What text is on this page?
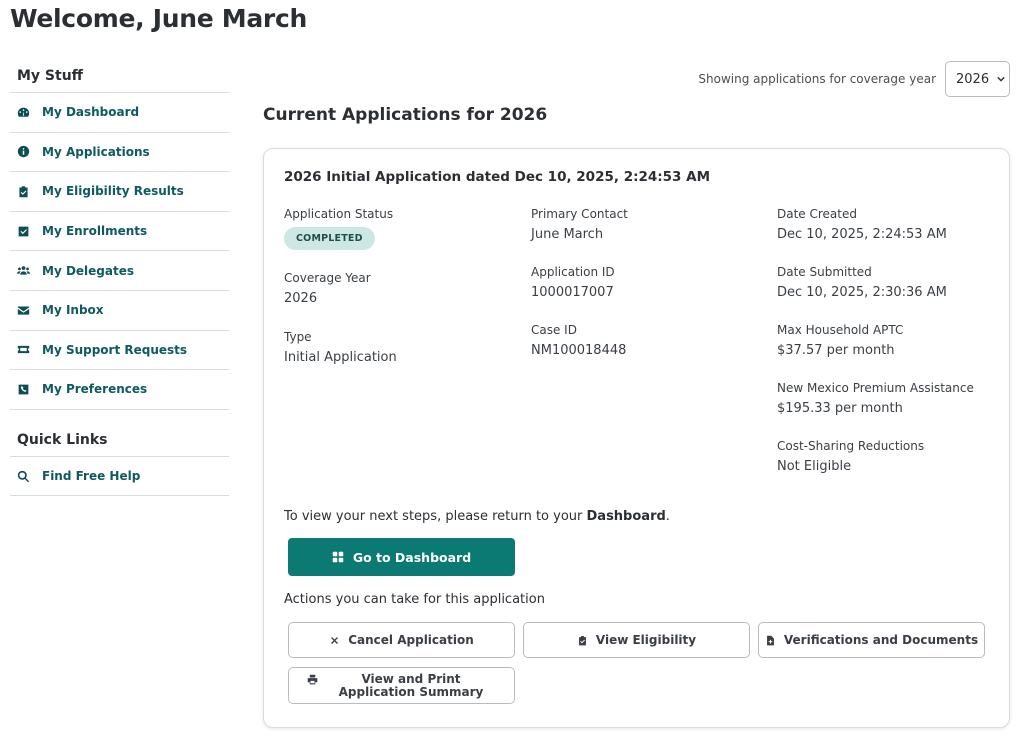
Welcome, June March
My Stuff
My Dashboard
My Applications
My Eligibility Results
My Enrollments
My Delegates
My Inbox
My Support Requests
My Preferences
Quick Links
Find Free Help
Showing applications for coverage year 2026
Current Applications for 2026
2026 Initial Application dated Dec 10, 2025, 2:24:53 AM
Application Status
COMPLETED
Coverage Year
2026
Type
Initial Application
Primary Contact
June March
Application ID
1000017007
Case ID
NM100018448
Date Created
Dec 10, 2025, 2:24:53 AM
Date Submitted
Dec 10, 2025, 2:30:36 AM
Max Household APTC
$37.57 per month
New Mexico Premium Assistance
$195.33 per month
Cost-Sharing Reductions
Not Eligible
To view your next steps, please return to your Dashboard.
Go to Dashboard
Actions you can take for this application
Cancel Application	View Eligibility	Verifications and Documents
View and Print Application Summary
